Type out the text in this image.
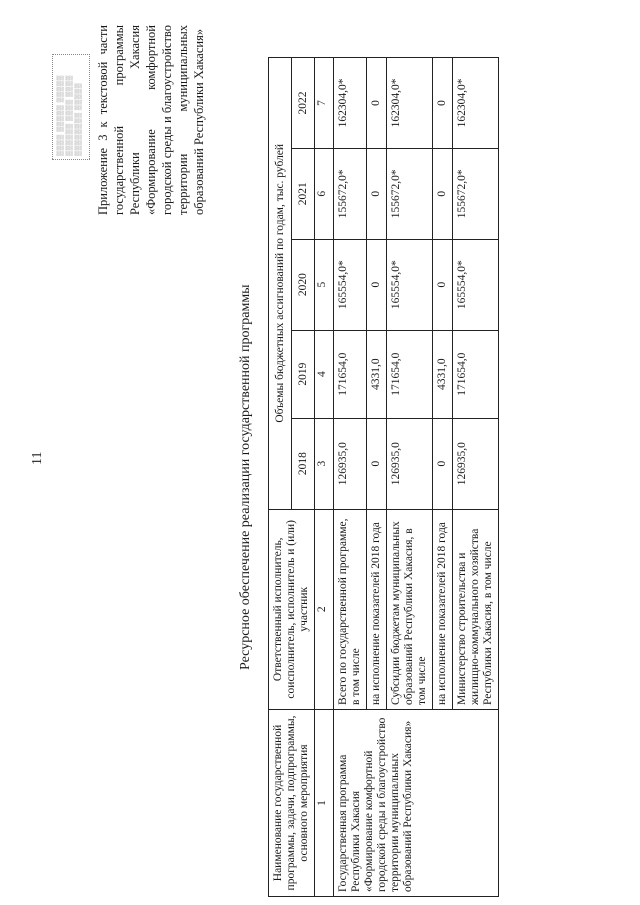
▒▒▒▒ ▒▒▒▒▒ ▒▒▒▒▒ ▒▒▒▒▒▒ ▒▒▒▒ ▒▒▒▒ ▒▒▒▒▒▒▒▒ ▒▒▒▒▒
11
Приложение 3 к текстовой части государственной программы Республики Хакасия «Формирование комфортной городской среды и благоустройство территории муниципальных образований Республики Хакасия»
Ресурсное обеспечение реализации государственной программы
Наименование государственной программы, задачи, подпрограммы, основного мероприятия	Ответственный исполнитель, соисполнитель, исполнитель и (или) участник	Объемы бюджетных ассигнований по годам, тыс. рублей				
		2018	2019	2020	2021	2022
1	2	3	4	5	6	7
Государственная программа Республики Хакасия «Формирование комфортной городской среды и благоустройство территории муниципальных образований Республики Хакасия»	Всего по государственной программе, в том числе	126935,0	171654,0	165554,0*	155672,0*	162304,0*
	на исполнение показателей 2018 года	0	4331,0	0	0	0
	Субсидии бюджетам муниципальных образований Республики Хакасия, в том числе	126935,0	171654,0	165554,0*	155672,0*	162304,0*
	на исполнение показателей 2018 года	0	4331,0	0	0	0
	Министерство строительства и жилищно-коммунального хозяйства Республики Хакасия, в том числе	126935,0	171654,0	165554,0*	155672,0*	162304,0*
